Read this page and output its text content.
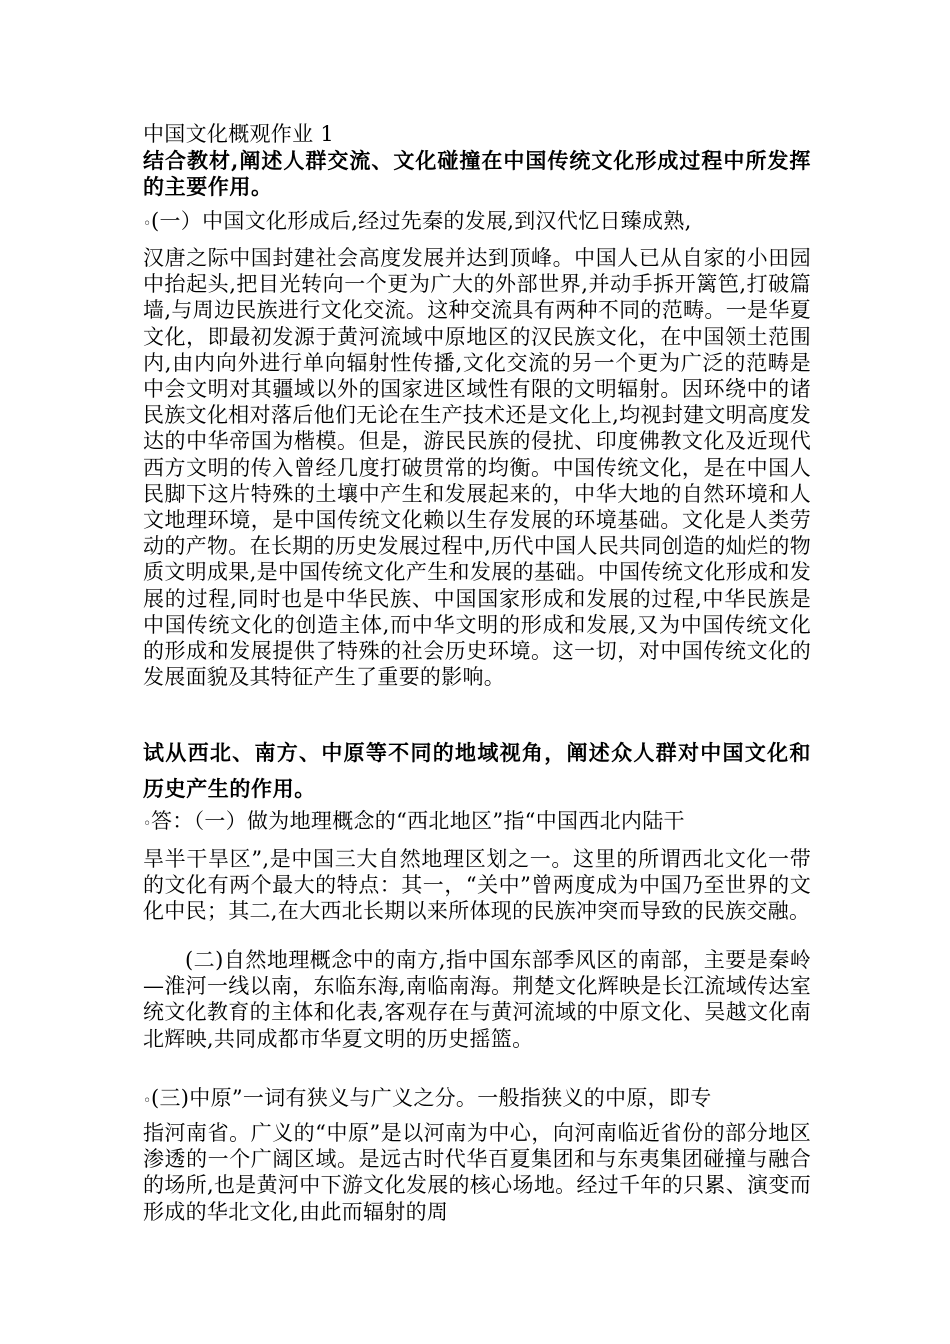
中国文化概观作业 1

结合教材,阐述人群交流、文化碰撞在中国传统文化形成过程中所发挥的主要作用。

◦(一）中国文化形成后,经过先秦的发展,到汉代忆日臻成熟,

汉唐之际中国封建社会高度发展并达到顶峰。中国人已从自家的小田园中抬起头,把目光转向一个更为广大的外部世界,并动手拆开篱笆,打破篇墙,与周边民族进行文化交流。这种交流具有两种不同的范畴。一是华夏文化，即最初发源于黄河流域中原地区的汉民族文化，在中国领土范围内,由内向外进行单向辐射性传播,文化交流的另一个更为广泛的范畴是中会文明对其疆域以外的国家进区域性有限的文明辐射。因环绕中的诸民族文化相对落后他们无论在生产技术还是文化上,均视封建文明高度发达的中华帝国为楷模。但是，游民民族的侵扰、印度佛教文化及近现代西方文明的传入曾经几度打破贯常的均衡。中国传统文化，是在中国人民脚下这片特殊的土壤中产生和发展起来的，中华大地的自然环境和人文地理环境，是中国传统文化赖以生存发展的环境基础。文化是人类劳动的产物。在长期的历史发展过程中,历代中国人民共同创造的灿烂的物质文明成果,是中国传统文化产生和发展的基础。中国传统文化形成和发展的过程,同时也是中华民族、中国国家形成和发展的过程,中华民族是中国传统文化的创造主体,而中华文明的形成和发展,又为中国传统文化的形成和发展提供了特殊的社会历史环境。这一切，对中国传统文化的发展面貌及其特征产生了重要的影响。

试从西北、南方、中原等不同的地域视角，阐述众人群对中国文化和历史产生的作用。

◦答：（一）做为地理概念的“西北地区”指“中国西北内陆干

旱半干旱区”,是中国三大自然地理区划之一。这里的所谓西北文化一带的文化有两个最大的特点：其一，“关中”曾两度成为中国乃至世界的文化中民；其二,在大西北长期以来所体现的民族冲突而导致的民族交融。

(二)自然地理概念中的南方,指中国东部季风区的南部，主要是秦岭—淮河一线以南，东临东海,南临南海。荆楚文化辉映是长江流域传达室统文化教育的主体和化表,客观存在与黄河流域的中原文化、吴越文化南北辉映,共同成都市华夏文明的历史摇篮。

◦(三)中原”一词有狭义与广义之分。一般指狭义的中原，即专

指河南省。广义的“中原”是以河南为中心，向河南临近省份的部分地区渗透的一个广阔区域。是远古时代华百夏集团和与东夷集团碰撞与融合的场所,也是黄河中下游文化发展的核心场地。经过千年的只累、演变而形成的华北文化,由此而辐射的周
